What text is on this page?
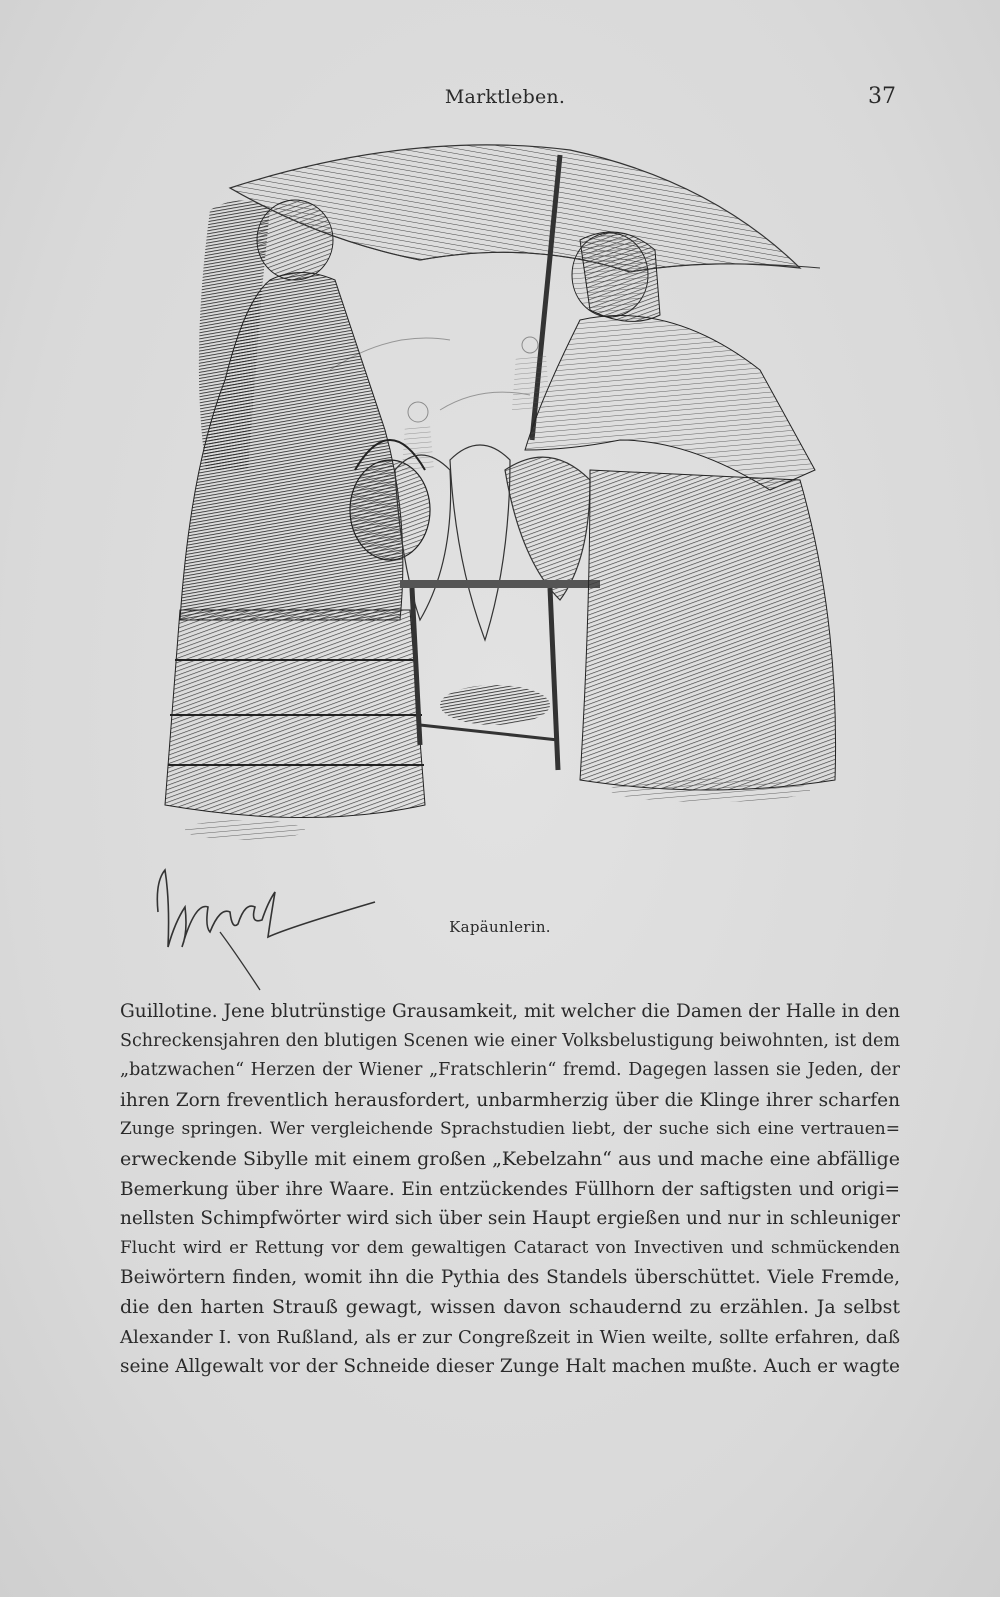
Marktleben.	37
Kapäunlerin.
Guillotine. Jene blutrünstige Grausamkeit, mit welcher die Damen der Halle in den
Schreckensjahren den blutigen Scenen wie einer Volksbelustigung beiwohnten, ist dem
„batzwachen“ Herzen der Wiener „Fratschlerin“ fremd. Dagegen lassen sie Jeden, der
ihren Zorn freventlich herausfordert, unbarmherzig über die Klinge ihrer scharfen
Zunge springen. Wer vergleichende Sprachstudien liebt, der suche sich eine vertrauen=
erweckende Sibylle mit einem großen „Kebelzahn“ aus und mache eine abfällige
Bemerkung über ihre Waare. Ein entzückendes Füllhorn der saftigsten und origi=
nellsten Schimpfwörter wird sich über sein Haupt ergießen und nur in schleuniger
Flucht wird er Rettung vor dem gewaltigen Cataract von Invectiven und schmückenden
Beiwörtern finden, womit ihn die Pythia des Standels überschüttet. Viele Fremde,
die den harten Strauß gewagt, wissen davon schaudernd zu erzählen. Ja selbst
Alexander I. von Rußland, als er zur Congreßzeit in Wien weilte, sollte erfahren, daß
seine Allgewalt vor der Schneide dieser Zunge Halt machen mußte. Auch er wagte
